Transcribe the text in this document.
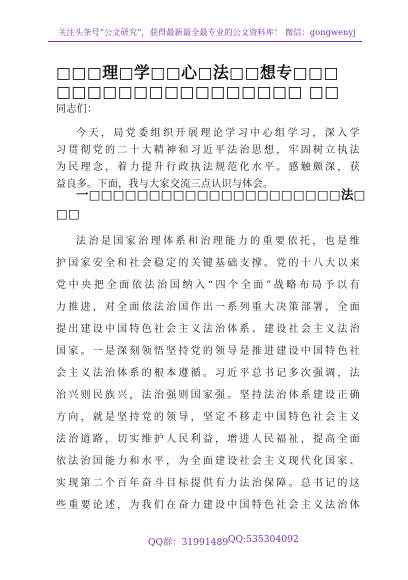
关注头条号“公文研究”，获得最新最全最专业的公文资料库！ 微信：gongwenyj
□□□理□学□□心□法□□想专□□□
□□□□□□□□□□□□□□□□ □□
同志们：
今天，局党委组织开展理论学习中心组学习，深入学
习贯彻党的二十大精神和习近平法治思想，牢固树立执法
为民理念，着力提升行政执法规范化水平。感触颇深，获
益良多。下面，我与大家交流三点认识与体会。
一□□□□□□□□□□□□□□□□□□□□□法□
□□
法治是国家治理体系和治理能力的重要依托，也是维
护国家安全和社会稳定的关键基础支撑。党的十八大以来
党中央把全面依法治国纳入“四个全面”战略布局予以有
力推进，对全面依法治国作出一系列重大决策部署，全面
提出建设中国特色社会主义法治体系、建设社会主义法治
国家。一是深刻领悟坚持党的领导是推进建设中国特色社
会主义法治体系的根本遵循。习近平总书记多次强调，法
治兴则民族兴，法治强则国家强。坚持法治体系建设正确
方向，就是坚持党的领导，坚定不移走中国特色社会主义
法治道路，切实维护人民利益，增进人民福祉，提高全面
依法治国能力和水平，为全面建设社会主义现代化国家、
实现第二个百年奋斗目标提供有力法治保障。总书记的这
些重要论述，为我们在奋力建设中国特色社会主义法治体
QQ群：31991489 QQ:535304092
